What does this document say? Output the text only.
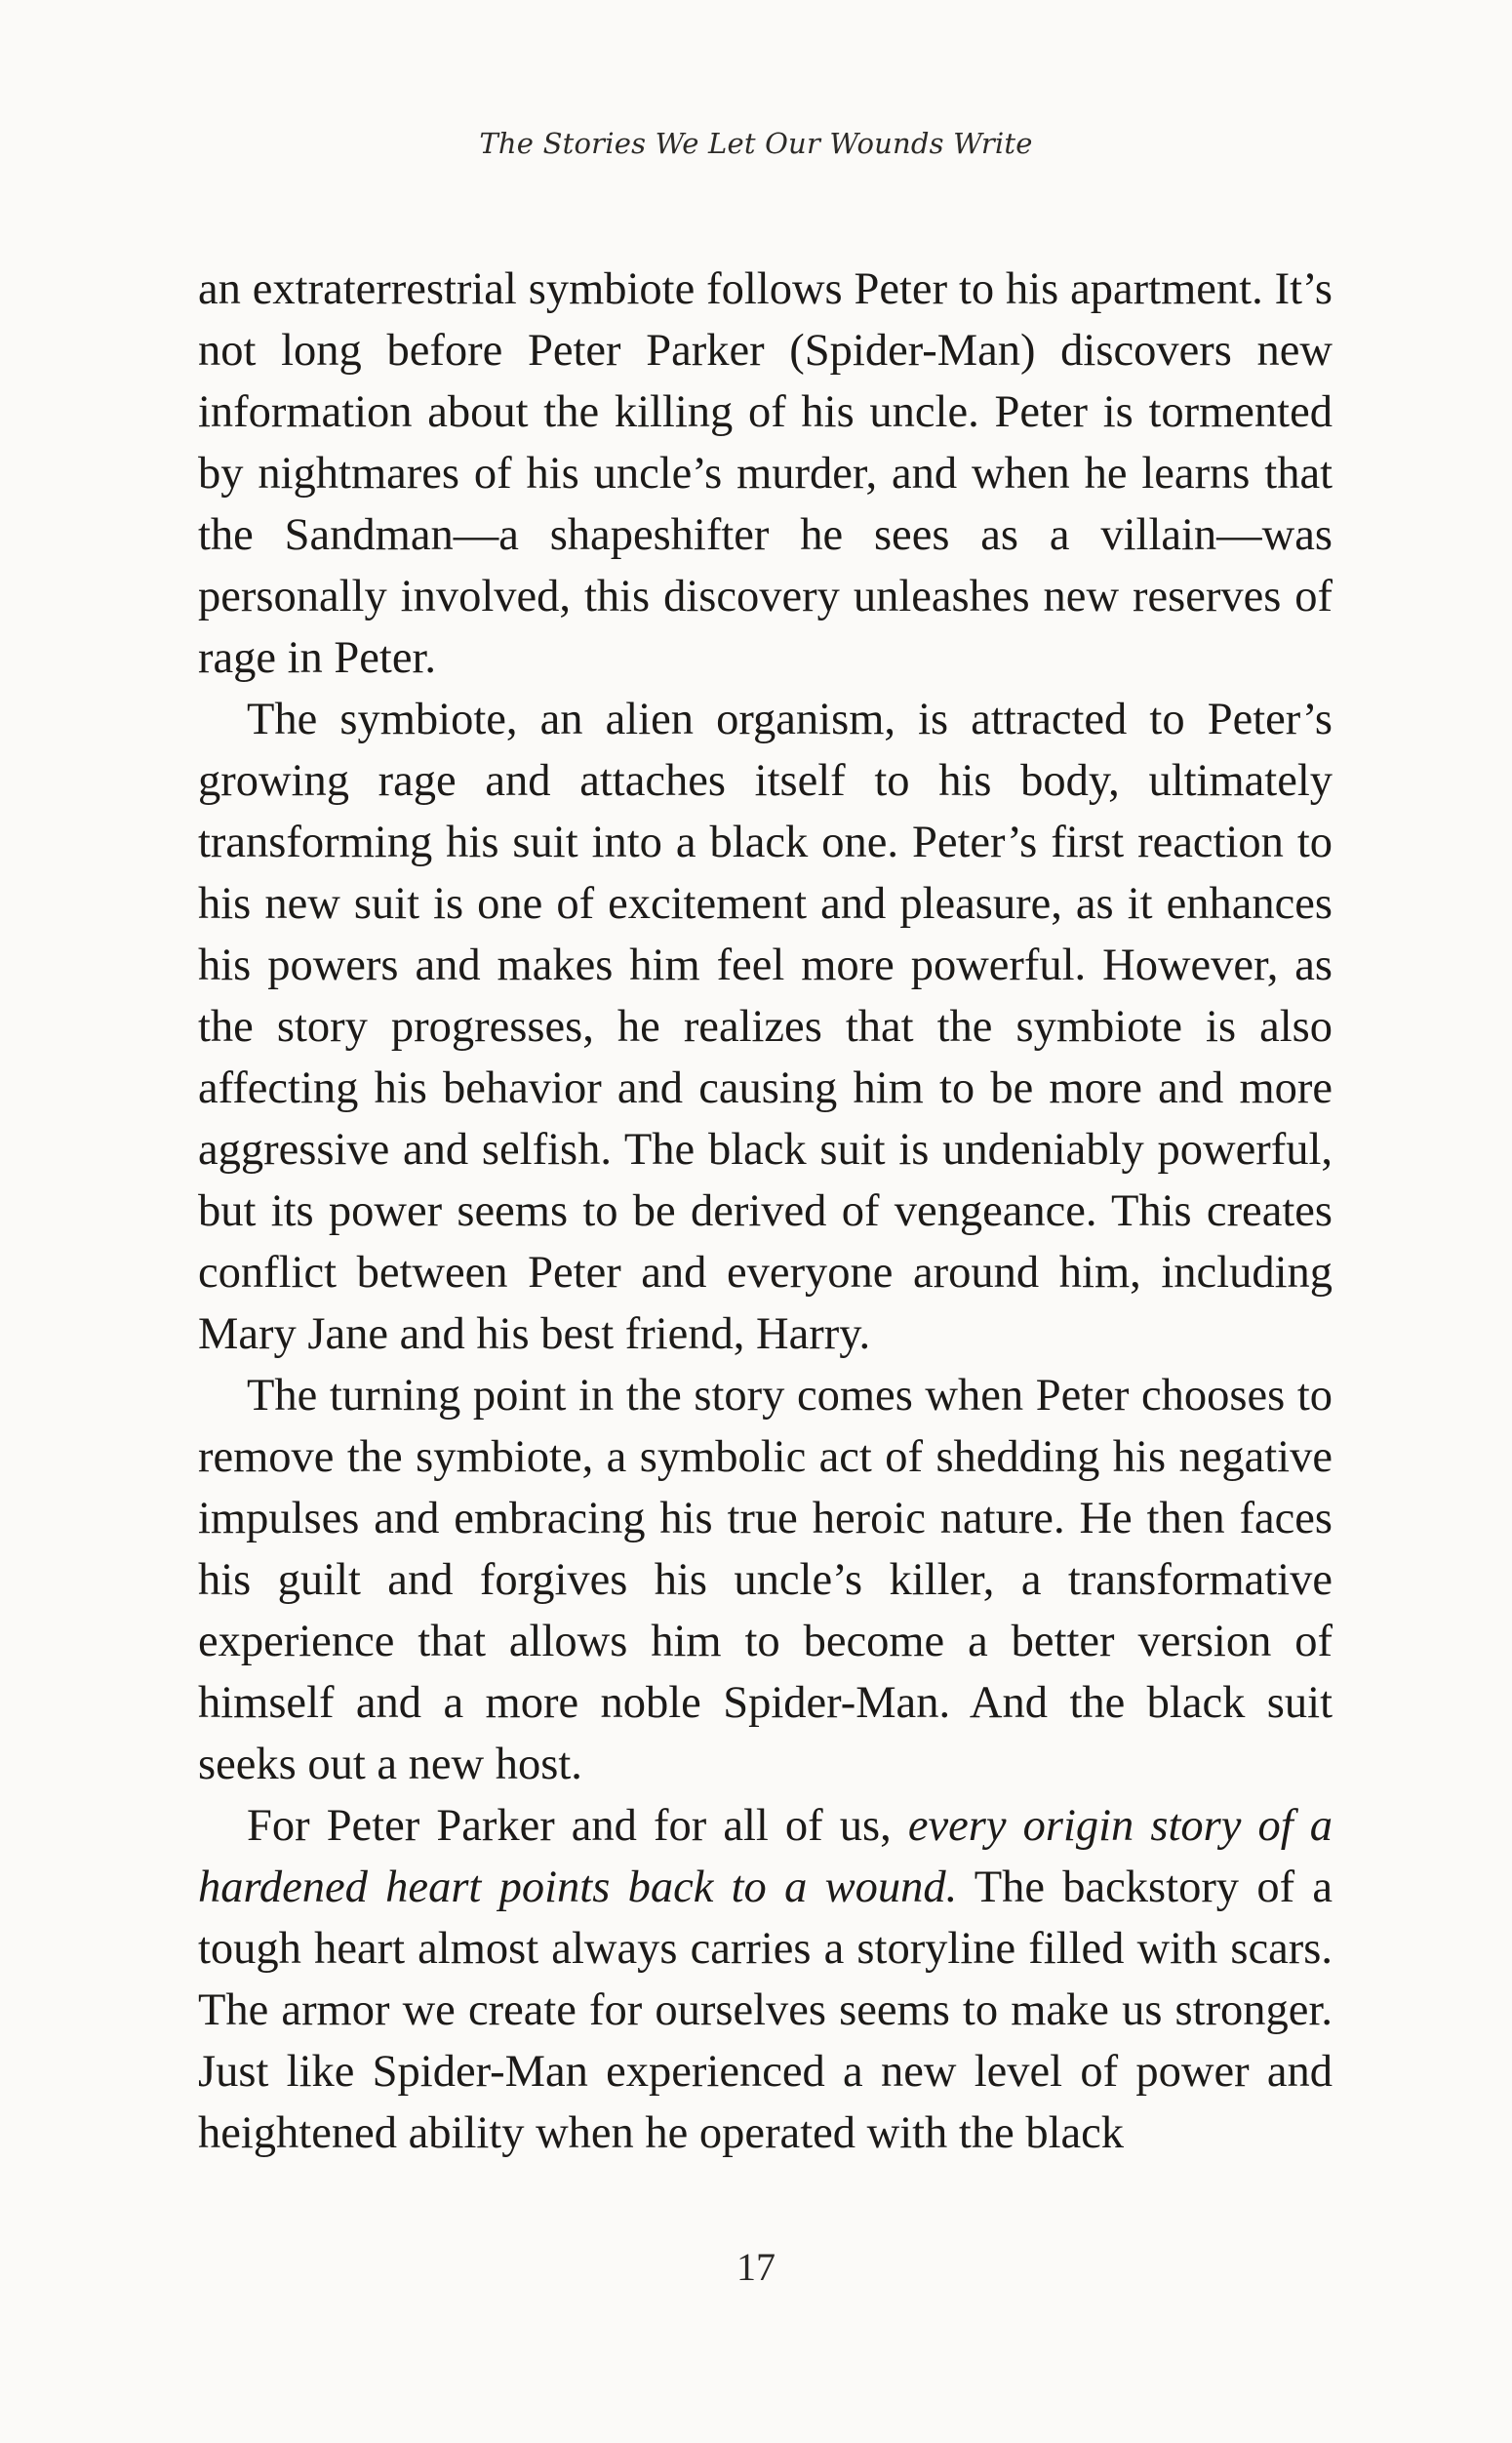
The Stories We Let Our Wounds Write

an extraterrestrial symbiote follows Peter to his apartment. It’s not long before Peter Parker (Spider-Man) discovers new information about the killing of his uncle. Peter is tormented by nightmares of his uncle’s murder, and when he learns that the Sandman—a shapeshifter he sees as a villain—was personally involved, this discovery unleashes new reserves of rage in Peter.

The symbiote, an alien organism, is attracted to Peter’s growing rage and attaches itself to his body, ultimately transforming his suit into a black one. Peter’s first reaction to his new suit is one of excitement and pleasure, as it enhances his powers and makes him feel more powerful. However, as the story progresses, he realizes that the symbiote is also affecting his behavior and causing him to be more and more aggressive and selfish. The black suit is undeniably powerful, but its power seems to be derived of vengeance. This creates conflict between Peter and everyone around him, including Mary Jane and his best friend, Harry.

The turning point in the story comes when Peter chooses to remove the symbiote, a symbolic act of shedding his negative impulses and embracing his true heroic nature. He then faces his guilt and forgives his uncle’s killer, a transformative experience that allows him to become a better version of himself and a more noble Spider-Man. And the black suit seeks out a new host.

For Peter Parker and for all of us, every origin story of a hardened heart points back to a wound. The backstory of a tough heart almost always carries a storyline filled with scars. The armor we create for ourselves seems to make us stronger. Just like Spider-Man experienced a new level of power and heightened ability when he operated with the black

17
